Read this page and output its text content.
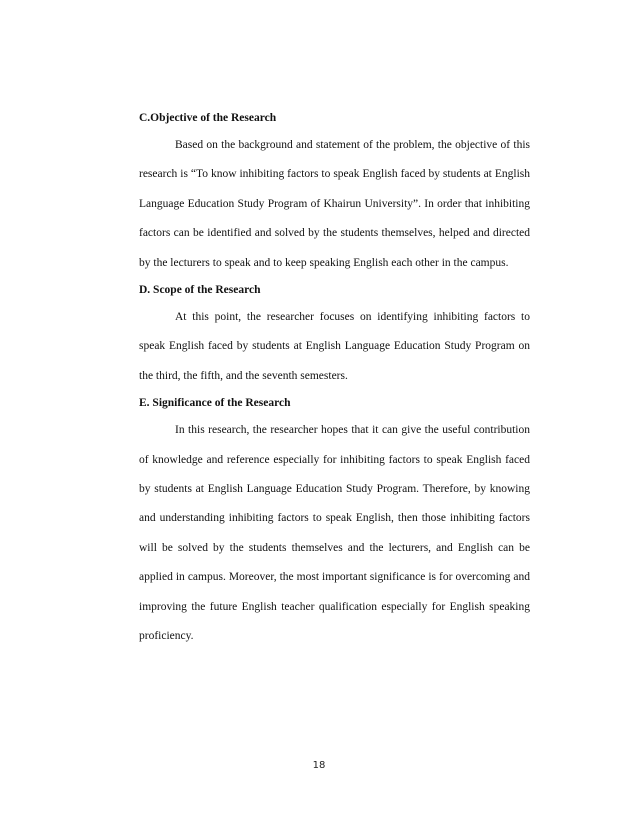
C.Objective of the Research

Based on the background and statement of the problem, the objective of this research is “To know inhibiting factors to speak English faced by students at English Language Education Study Program of Khairun University”. In order that inhibiting factors can be identified and solved by the students themselves, helped and directed by the lecturers to speak and to keep speaking English each other in the campus.

D. Scope of the Research

At this point, the researcher focuses on identifying inhibiting factors to speak English faced by students at English Language Education Study Program on the third, the fifth, and the seventh semesters.

E. Significance of the Research

In this research, the researcher hopes that it can give the useful contribution of knowledge and reference especially for inhibiting factors to speak English faced by students at English Language Education Study Program. Therefore, by knowing and understanding inhibiting factors to speak English, then those inhibiting factors will be solved by the students themselves and the lecturers, and English can be applied in campus. Moreover, the most important significance is for overcoming and improving the future English teacher qualification especially for English speaking proficiency.

18
